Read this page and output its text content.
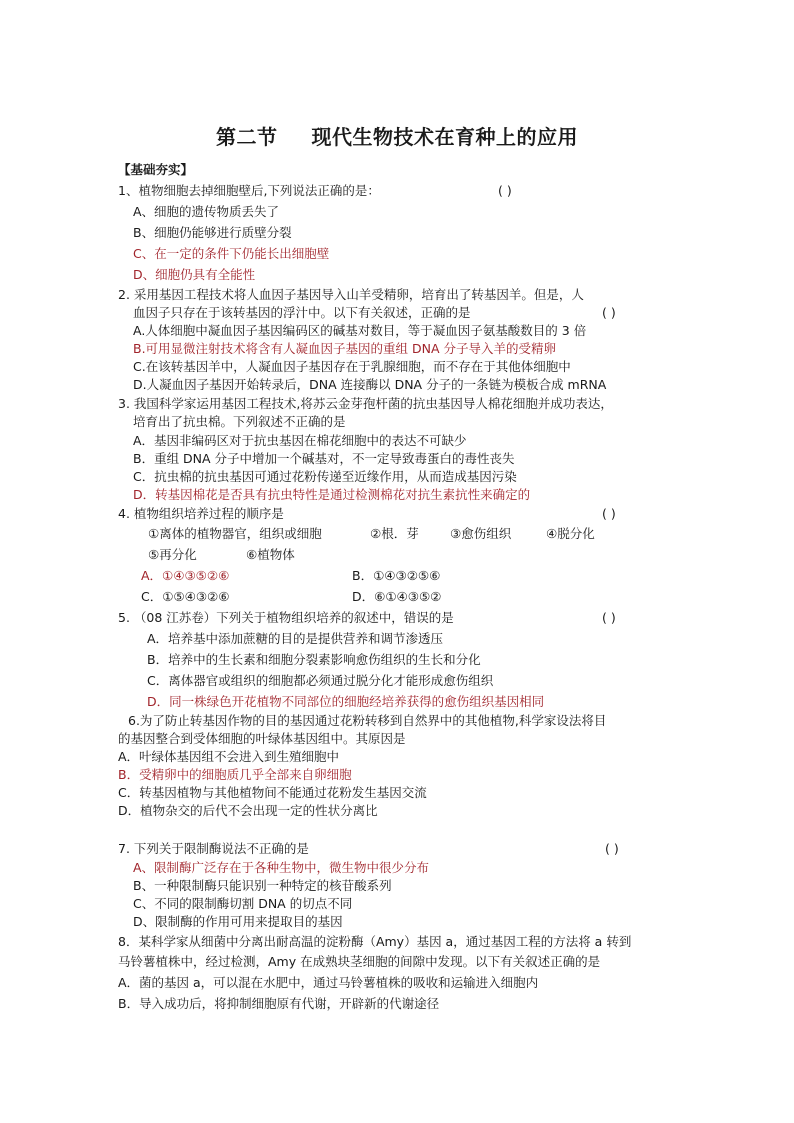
第二节 现代生物技术在育种上的应用
【基础夯实】
1、植物细胞去掉细胞壁后,下列说法正确的是：	( )
A、细胞的遗传物质丢失了
B、细胞仍能够进行质壁分裂
C、在一定的条件下仍能长出细胞壁
D、细胞仍具有全能性
2. 采用基因工程技术将人血因子基因导入山羊受精卵，培育出了转基因羊。但是，人
血因子只存在于该转基因的浮汁中。以下有关叙述，正确的是	( )
A.人体细胞中凝血因子基因编码区的碱基对数目，等于凝血因子氨基酸数目的 3 倍
B.可用显微注射技术将含有人凝血因子基因的重组 DNA 分子导入羊的受精卵
C.在该转基因羊中，人凝血因子基因存在于乳腺细胞，而不存在于其他体细胞中
D.人凝血因子基因开始转录后，DNA 连接酶以 DNA 分子的一条链为模板合成 mRNA
3. 我国科学家运用基因工程技术,将苏云金芽孢杆菌的抗虫基因导人棉花细胞并成功表达，
培育出了抗虫棉。下列叙述不正确的是
A．基因非编码区对于抗虫基因在棉花细胞中的表达不可缺少
B．重组 DNA 分子中增加一个碱基对，不一定导致毒蛋白的毒性丧失
C．抗虫棉的抗虫基因可通过花粉传递至近缘作用，从而造成基因污染
D．转基因棉花是否具有抗虫特性是通过检测棉花对抗生素抗性来确定的
4. 植物组织培养过程的顺序是	( )
①离体的植物器官，组织或细胞	②根．芽	③愈伤组织	④脱分化
⑤再分化	⑥植物体
A．①④③⑤②⑥	B．①④③②⑤⑥
C．①⑤④③②⑥	D．⑥①④③⑤②
5. （08 江苏卷）下列关于植物组织培养的叙述中，错误的是	( )
A．培养基中添加蔗糖的目的是提供营养和调节渗透压
B．培养中的生长素和细胞分裂素影响愈伤组织的生长和分化
C．离体器官或组织的细胞都必须通过脱分化才能形成愈伤组织
D．同一株绿色开花植物不同部位的细胞经培养获得的愈伤组织基因相同
6.为了防止转基因作物的目的基因通过花粉转移到自然界中的其他植物,科学家设法将目
的基因整合到受体细胞的叶绿体基因组中。其原因是
A．叶绿体基因组不会进入到生殖细胞中
B．受精卵中的细胞质几乎全部来自卵细胞
C．转基因植物与其他植物间不能通过花粉发生基因交流
D．植物杂交的后代不会出现一定的性状分离比
7. 下列关于限制酶说法不正确的是	( )
A、限制酶广泛存在于各种生物中，微生物中很少分布
B、一种限制酶只能识别一种特定的核苷酸系列
C、不同的限制酶切割 DNA 的切点不同
D、限制酶的作用可用来提取目的基因
8．某科学家从细菌中分离出耐高温的淀粉酶（Amy）基因 a，通过基因工程的方法将 a 转到
马铃薯植株中，经过检测，Amy 在成熟块茎细胞的间隙中发现。以下有关叙述正确的是
A．菌的基因 a，可以混在水肥中，通过马铃薯植株的吸收和运输进入细胞内
B．导入成功后，将抑制细胞原有代谢，开辟新的代谢途径
